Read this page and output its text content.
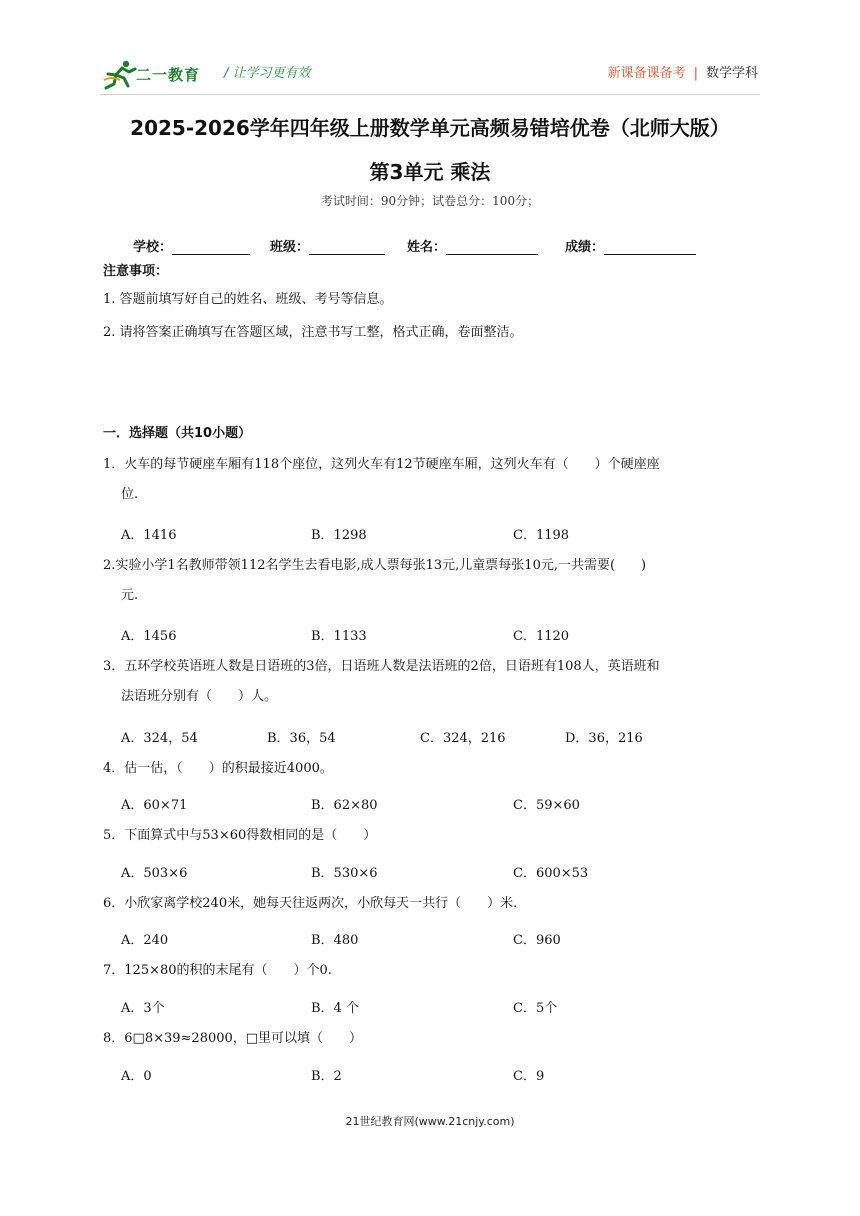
二一教育 / 让学习更有效	新课备课备考 | 数学学科
2025-2026学年四年级上册数学单元高频易错培优卷（北师大版）
第3单元 乘法
考试时间：90分钟；试卷总分：100分；
学校：	班级：	姓名：	成绩：
注意事项：
1. 答题前填写好自己的姓名、班级、考号等信息。
2. 请将答案正确填写在答题区域，注意书写工整，格式正确，卷面整洁。
一．选择题（共10小题）
1．火车的每节硬座车厢有118个座位，这列火车有12节硬座车厢，这列火车有（　　）个硬座座
位.
A．1416	B．1298	C．1198
2.实验小学1名教师带领112名学生去看电影,成人票每张13元,儿童票每张10元,一共需要(　　)
元.
A．1456	B．1133	C．1120
3．五环学校英语班人数是日语班的3倍，日语班人数是法语班的2倍，日语班有108人，英语班和
法语班分别有（　　）人。
A．324，54	B．36，54	C．324，216	D．36，216
4．估一估，（　　）的积最接近4000。
A．60×71	B．62×80	C．59×60
5．下面算式中与53×60得数相同的是（　　）
A．503×6	B．530×6	C．600×53
6．小欣家离学校240米，她每天往返两次，小欣每天一共行（　　）米.
A．240	B．480	C．960
7．125×80的积的末尾有（　　）个0.
A．3个	B．4 个	C．5个
8．6□8×39≈28000，□里可以填（　　）
A．0	B．2	C．9
21世纪教育网(www.21cnjy.com)
